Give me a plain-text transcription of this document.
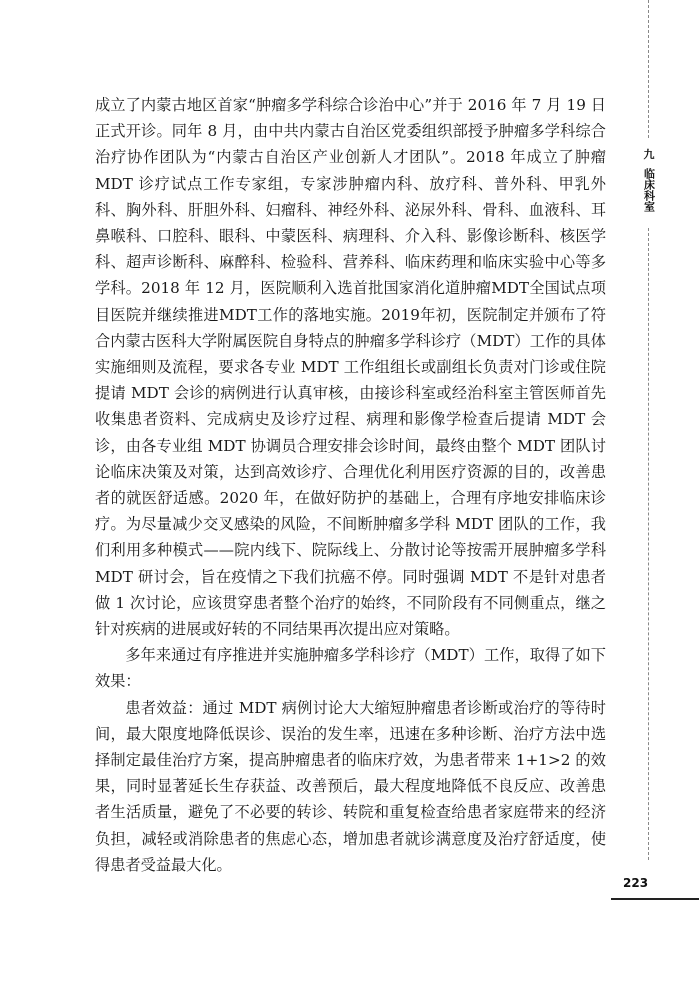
九
临床科室

成立了内蒙古地区首家“肿瘤多学科综合诊治中心”并于 2016 年 7 月 19 日正式开诊。同年 8 月，由中共内蒙古自治区党委组织部授予肿瘤多学科综合治疗协作团队为“内蒙古自治区产业创新人才团队”。2018 年成立了肿瘤 MDT 诊疗试点工作专家组，专家涉肿瘤内科、放疗科、普外科、甲乳外科、胸外科、肝胆外科、妇瘤科、神经外科、泌尿外科、骨科、血液科、耳鼻喉科、口腔科、眼科、中蒙医科、病理科、介入科、影像诊断科、核医学科、超声诊断科、麻醉科、检验科、营养科、临床药理和临床实验中心等多学科。2018 年 12 月，医院顺利入选首批国家消化道肿瘤MDT全国试点项目医院并继续推进MDT工作的落地实施。2019年初，医院制定并颁布了符合内蒙古医科大学附属医院自身特点的肿瘤多学科诊疗（MDT）工作的具体实施细则及流程，要求各专业 MDT 工作组组长或副组长负责对门诊或住院提请 MDT 会诊的病例进行认真审核，由接诊科室或经治科室主管医师首先收集患者资料、完成病史及诊疗过程、病理和影像学检查后提请 MDT 会诊，由各专业组 MDT 协调员合理安排会诊时间，最终由整个 MDT 团队讨论临床决策及对策，达到高效诊疗、合理优化利用医疗资源的目的，改善患者的就医舒适感。2020 年，在做好防护的基础上，合理有序地安排临床诊疗。为尽量减少交叉感染的风险，不间断肿瘤多学科 MDT 团队的工作，我们利用多种模式——院内线下、院际线上、分散讨论等按需开展肿瘤多学科 MDT 研讨会，旨在疫情之下我们抗癌不停。同时强调 MDT 不是针对患者做 1 次讨论，应该贯穿患者整个治疗的始终，不同阶段有不同侧重点，继之针对疾病的进展或好转的不同结果再次提出应对策略。

多年来通过有序推进并实施肿瘤多学科诊疗（MDT）工作，取得了如下效果：

患者效益：通过 MDT 病例讨论大大缩短肿瘤患者诊断或治疗的等待时间，最大限度地降低误诊、误治的发生率，迅速在多种诊断、治疗方法中选择制定最佳治疗方案，提高肿瘤患者的临床疗效，为患者带来 1+1>2 的效果，同时显著延长生存获益、改善预后，最大程度地降低不良反应、改善患者生活质量，避免了不必要的转诊、转院和重复检查给患者家庭带来的经济负担，减轻或消除患者的焦虑心态，增加患者就诊满意度及治疗舒适度，使得患者受益最大化。

223
